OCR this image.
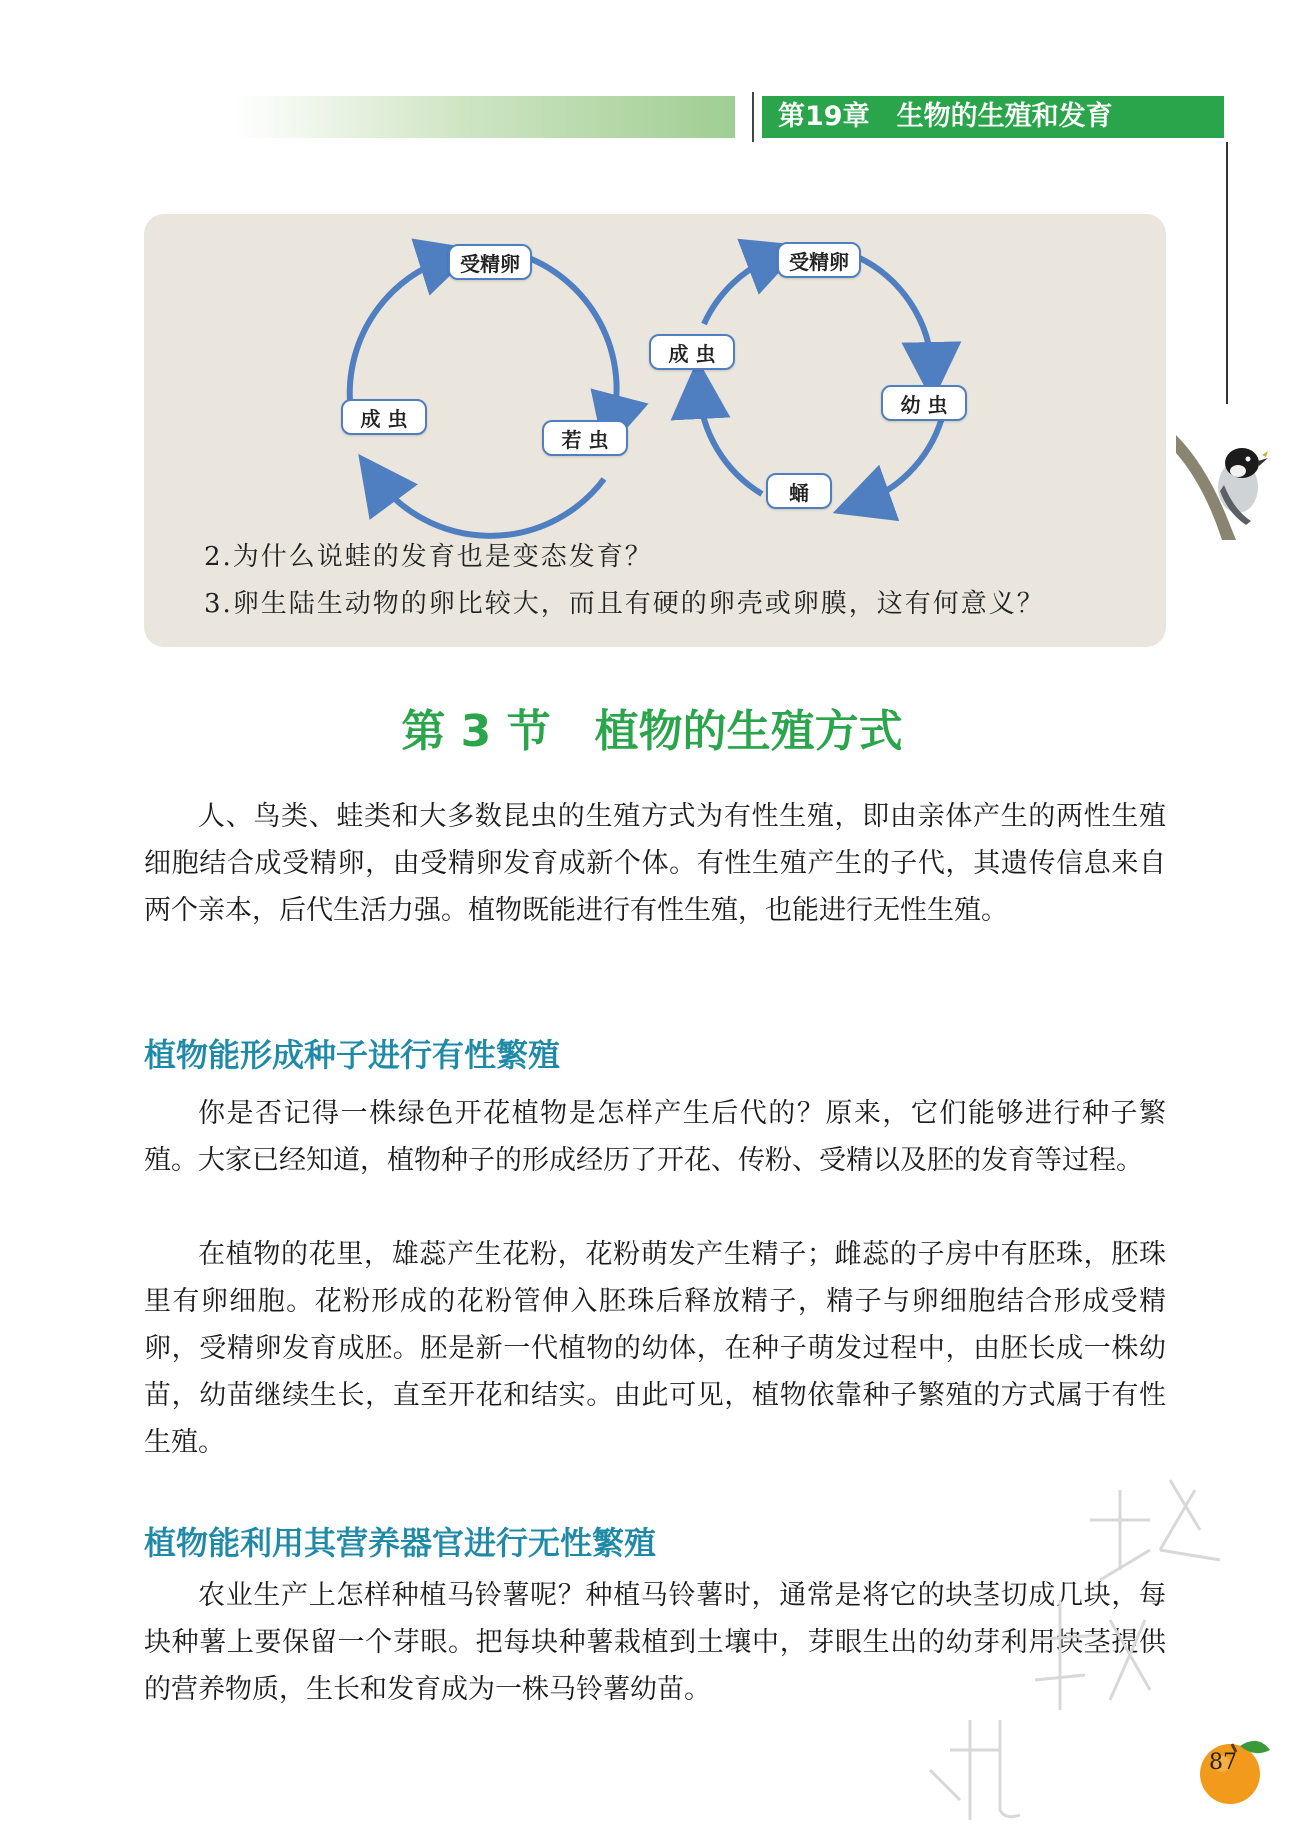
第19章　生物的生殖和发育
受精卵
若 虫
成 虫
受精卵
幼 虫
蛹
成 虫
2.为什么说蛙的发育也是变态发育？
3.卵生陆生动物的卵比较大，而且有硬的卵壳或卵膜，这有何意义？
第 3 节　植物的生殖方式

人、鸟类、蛙类和大多数昆虫的生殖方式为有性生殖，即由亲体产生的两性生殖细胞结合成受精卵，由受精卵发育成新个体。有性生殖产生的子代，其遗传信息来自两个亲本，后代生活力强。植物既能进行有性生殖，也能进行无性生殖。

植物能形成种子进行有性繁殖

你是否记得一株绿色开花植物是怎样产生后代的？原来，它们能够进行种子繁殖。大家已经知道，植物种子的形成经历了开花、传粉、受精以及胚的发育等过程。

在植物的花里，雄蕊产生花粉，花粉萌发产生精子；雌蕊的子房中有胚珠，胚珠里有卵细胞。花粉形成的花粉管伸入胚珠后释放精子，精子与卵细胞结合形成受精卵，受精卵发育成胚。胚是新一代植物的幼体，在种子萌发过程中，由胚长成一株幼苗，幼苗继续生长，直至开花和结实。由此可见，植物依靠种子繁殖的方式属于有性生殖。

植物能利用其营养器官进行无性繁殖

农业生产上怎样种植马铃薯呢？种植马铃薯时，通常是将它的块茎切成几块，每块种薯上要保留一个芽眼。把每块种薯栽植到土壤中，芽眼生出的幼芽利用块茎提供的营养物质，生长和发育成为一株马铃薯幼苗。

87
